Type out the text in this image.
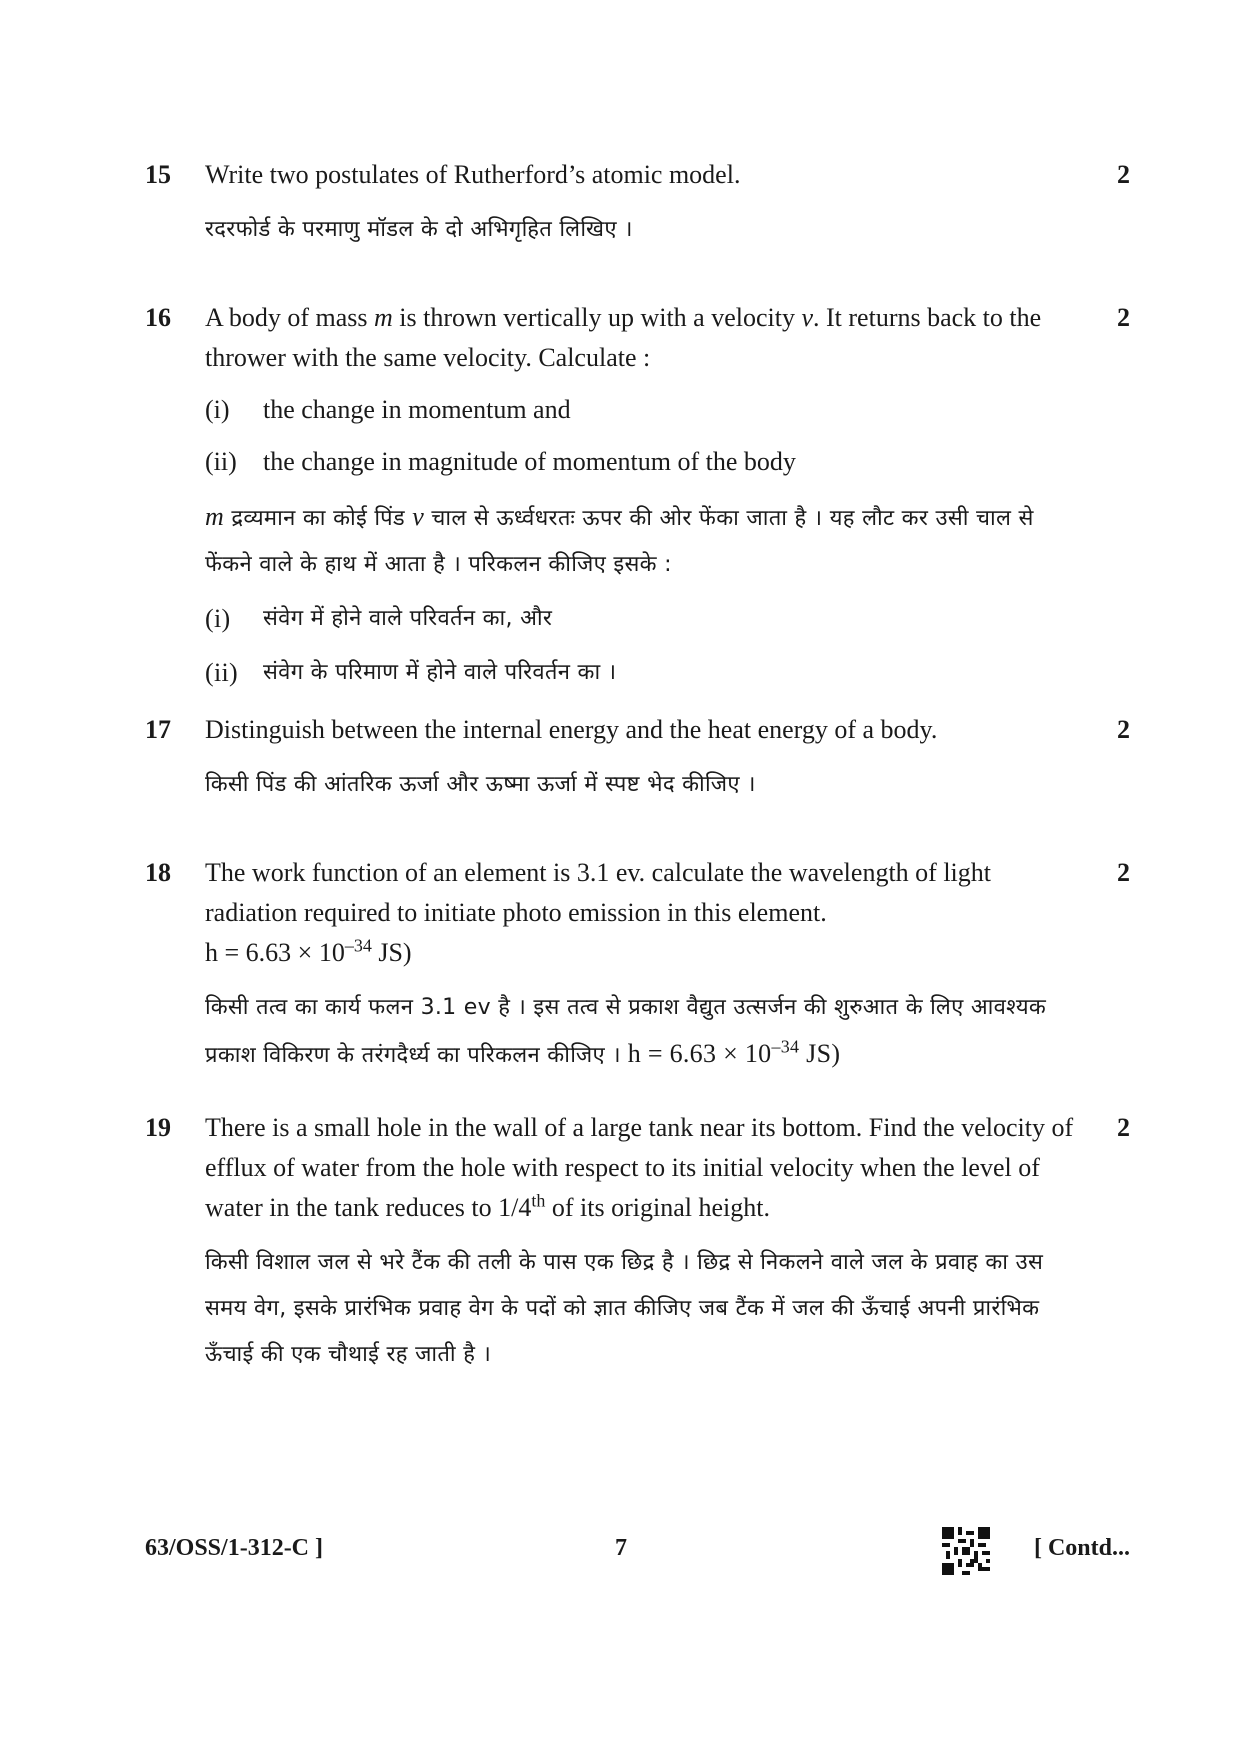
15	2

Write two postulates of Rutherford’s atomic model.

रदरफोर्ड के परमाणु मॉडल के दो अभिगृहित लिखिए ।

16	2

A body of mass m is thrown vertically up with a velocity v. It returns back to the thrower with the same velocity. Calculate :

(i)	the change in momentum and
(ii)	the change in magnitude of momentum of the body

m द्रव्यमान का कोई पिंड v चाल से ऊर्ध्वधरतः ऊपर की ओर फेंका जाता है । यह लौट कर उसी चाल से फेंकने वाले के हाथ में आता है । परिकलन कीजिए इसके :

(i)	संवेग में होने वाले परिवर्तन का, और
(ii)	संवेग के परिमाण में होने वाले परिवर्तन का ।
17	2

Distinguish between the internal energy and the heat energy of a body.

किसी पिंड की आंतरिक ऊर्जा और ऊष्मा ऊर्जा में स्पष्ट भेद कीजिए ।

18	2

The work function of an element is 3.1 ev. calculate the wavelength of light radiation required to initiate photo emission in this element.

$h = 6.63 \times 10^{-34}$ JS)

किसी तत्व का कार्य फलन 3.1 ev है । इस तत्व से प्रकाश वैद्युत उत्सर्जन की शुरुआत के लिए आवश्यक प्रकाश विकिरण के तरंगदैर्ध्य का परिकलन कीजिए । $h = 6.63 \times 10^{-34}$ JS)

19	2

There is a small hole in the wall of a large tank near its bottom. Find the velocity of efflux of water from the hole with respect to its initial velocity when the level of water in the tank reduces to 1/4th of its original height.

किसी विशाल जल से भरे टैंक की तली के पास एक छिद्र है । छिद्र से निकलने वाले जल के प्रवाह का उस समय वेग, इसके प्रारंभिक प्रवाह वेग के पदों को ज्ञात कीजिए जब टैंक में जल की ऊँचाई अपनी प्रारंभिक ऊँचाई की एक चौथाई रह जाती है ।

63/OSS/1-312-C ]	7	[ Contd...
